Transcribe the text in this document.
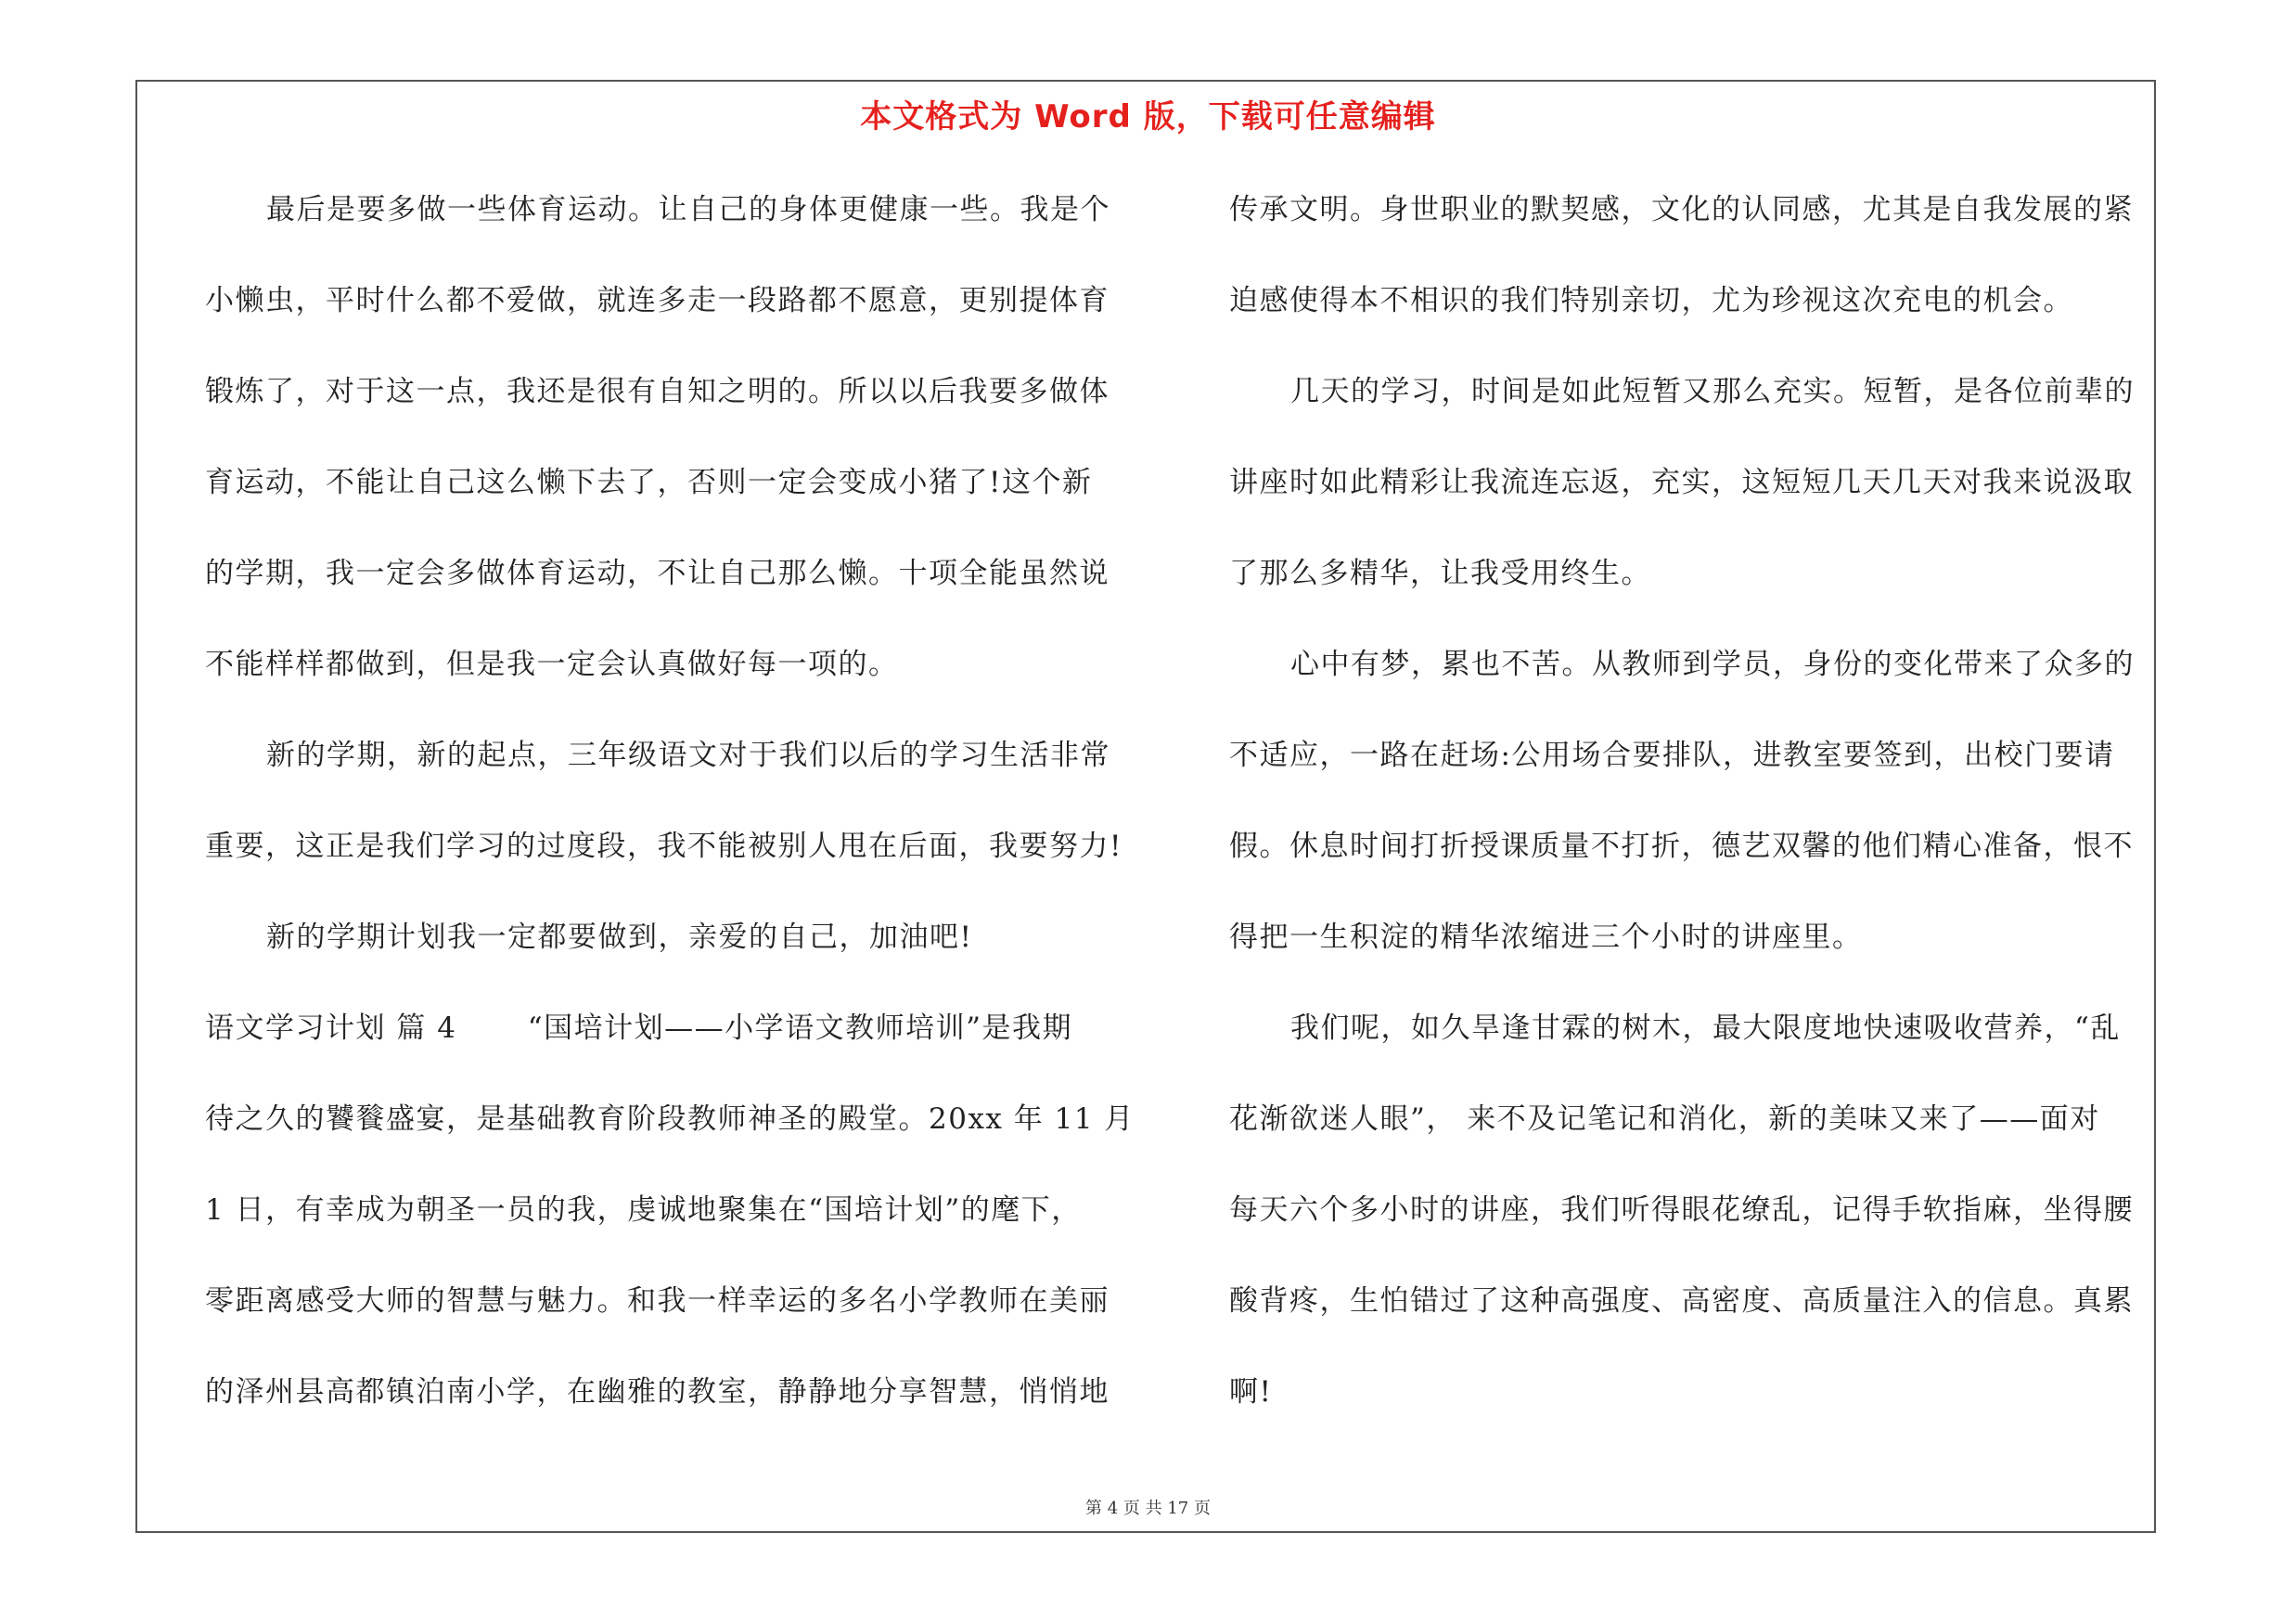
本文格式为 Word 版，下载可任意编辑
最后是要多做一些体育运动。让自己的身体更健康一些。我是个
小懒虫，平时什么都不爱做，就连多走一段路都不愿意，更别提体育
锻炼了，对于这一点，我还是很有自知之明的。所以以后我要多做体
育运动，不能让自己这么懒下去了，否则一定会变成小猪了!这个新
的学期，我一定会多做体育运动，不让自己那么懒。十项全能虽然说
不能样样都做到，但是我一定会认真做好每一项的。
新的学期，新的起点，三年级语文对于我们以后的学习生活非常
重要，这正是我们学习的过度段，我不能被别人甩在后面，我要努力!
新的学期计划我一定都要做到，亲爱的自己，加油吧!
语文学习计划 篇 4　　 “国培计划——小学语文教师培训”是我期
待之久的饕餮盛宴，是基础教育阶段教师神圣的殿堂。20xx 年 11 月
1 日，有幸成为朝圣一员的我，虔诚地聚集在“国培计划”的麾下，
零距离感受大师的智慧与魅力。和我一样幸运的多名小学教师在美丽
的泽州县高都镇泊南小学，在幽雅的教室，静静地分享智慧，悄悄地
传承文明。身世职业的默契感，文化的认同感，尤其是自我发展的紧
迫感使得本不相识的我们特别亲切，尤为珍视这次充电的机会。
几天的学习，时间是如此短暂又那么充实。短暂，是各位前辈的
讲座时如此精彩让我流连忘返，充实，这短短几天几天对我来说汲取
了那么多精华，让我受用终生。
心中有梦，累也不苦。从教师到学员，身份的变化带来了众多的
不适应，一路在赶场:公用场合要排队，进教室要签到，出校门要请
假。休息时间打折授课质量不打折，德艺双馨的他们精心准备，恨不
得把一生积淀的精华浓缩进三个小时的讲座里。
我们呢，如久旱逢甘霖的树木，最大限度地快速吸收营养，“乱
花渐欲迷人眼”， 来不及记笔记和消化，新的美味又来了——面对
每天六个多小时的讲座，我们听得眼花缭乱，记得手软指麻，坐得腰
酸背疼，生怕错过了这种高强度、高密度、高质量注入的信息。真累
啊!
第 4 页 共 17 页
